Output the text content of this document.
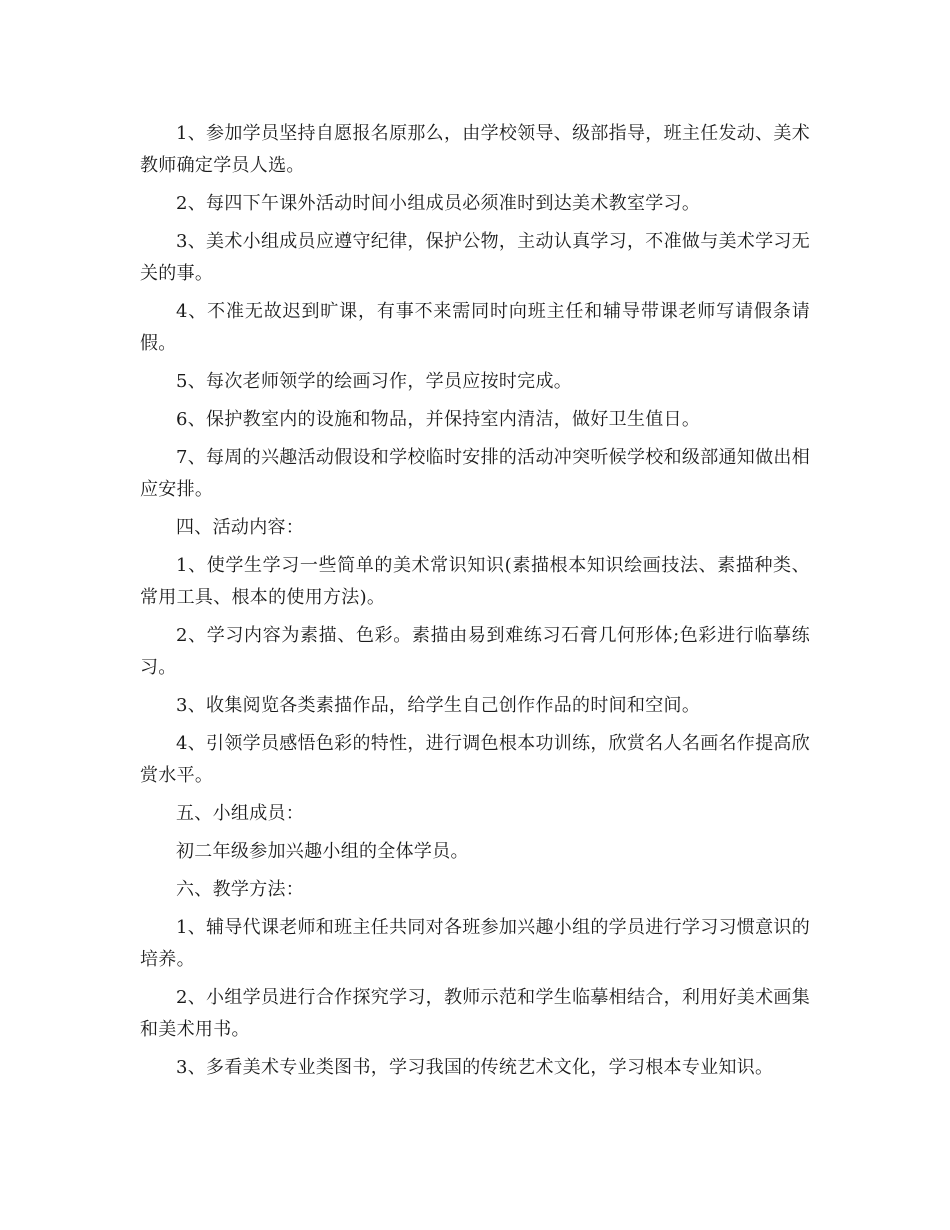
1、参加学员坚持自愿报名原那么，由学校领导、级部指导，班主任发动、美术教师确定学员人选。

2、每四下午课外活动时间小组成员必须准时到达美术教室学习。

3、美术小组成员应遵守纪律，保护公物，主动认真学习，不准做与美术学习无关的事。

4、不准无故迟到旷课，有事不来需同时向班主任和辅导带课老师写请假条请假。

5、每次老师领学的绘画习作，学员应按时完成。

6、保护教室内的设施和物品，并保持室内清洁，做好卫生值日。

7、每周的兴趣活动假设和学校临时安排的活动冲突听候学校和级部通知做出相应安排。

四、活动内容：

1、使学生学习一些简单的美术常识知识(素描根本知识绘画技法、素描种类、常用工具、根本的使用方法)。

2、学习内容为素描、色彩。素描由易到难练习石膏几何形体;色彩进行临摹练习。

3、收集阅览各类素描作品，给学生自己创作作品的时间和空间。

4、引领学员感悟色彩的特性，进行调色根本功训练，欣赏名人名画名作提高欣赏水平。

五、小组成员：

初二年级参加兴趣小组的全体学员。

六、教学方法：

1、辅导代课老师和班主任共同对各班参加兴趣小组的学员进行学习习惯意识的培养。

2、小组学员进行合作探究学习，教师示范和学生临摹相结合，利用好美术画集和美术用书。

3、多看美术专业类图书，学习我国的传统艺术文化，学习根本专业知识。
